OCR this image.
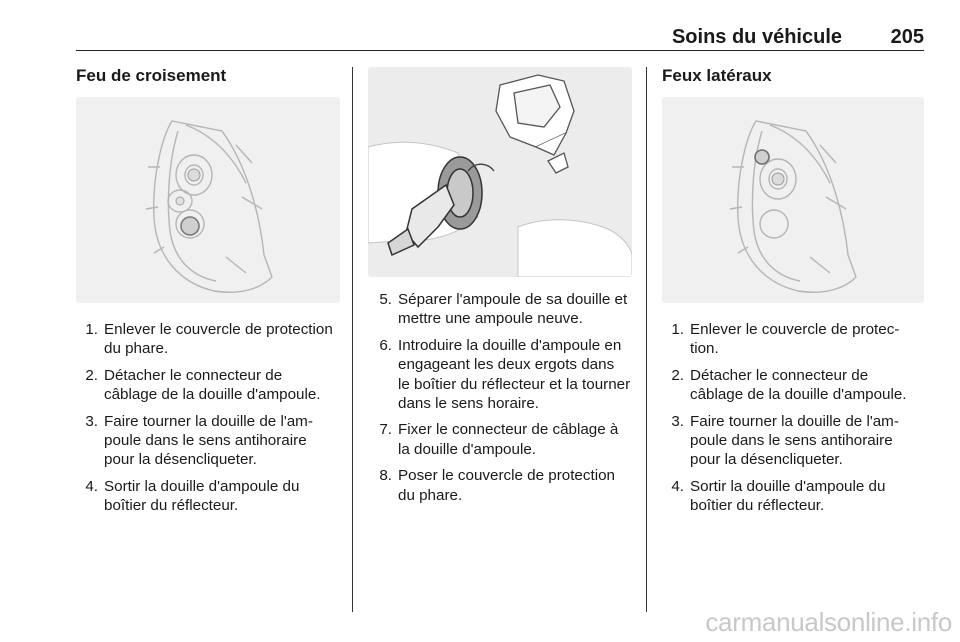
Soins du véhicule 205
Feu de croisement
1. Enlever le couvercle de protection
du phare.
2. Détacher le connecteur de
câblage de la douille d'ampoule.
3. Faire tourner la douille de l'am-
poule dans le sens antihoraire
pour la désencliqueter.
4. Sortir la douille d'ampoule du
boîtier du réflecteur.
5. Séparer l'ampoule de sa douille et
mettre une ampoule neuve.
6. Introduire la douille d'ampoule en
engageant les deux ergots dans
le boîtier du réflecteur et la tourner
dans le sens horaire.
7. Fixer le connecteur de câblage à
la douille d'ampoule.
8. Poser le couvercle de protection
du phare.
Feux latéraux
1. Enlever le couvercle de protec-
tion.
2. Détacher le connecteur de
câblage de la douille d'ampoule.
3. Faire tourner la douille de l'am-
poule dans le sens antihoraire
pour la désencliqueter.
4. Sortir la douille d'ampoule du
boîtier du réflecteur.
carmanualsonline.info
